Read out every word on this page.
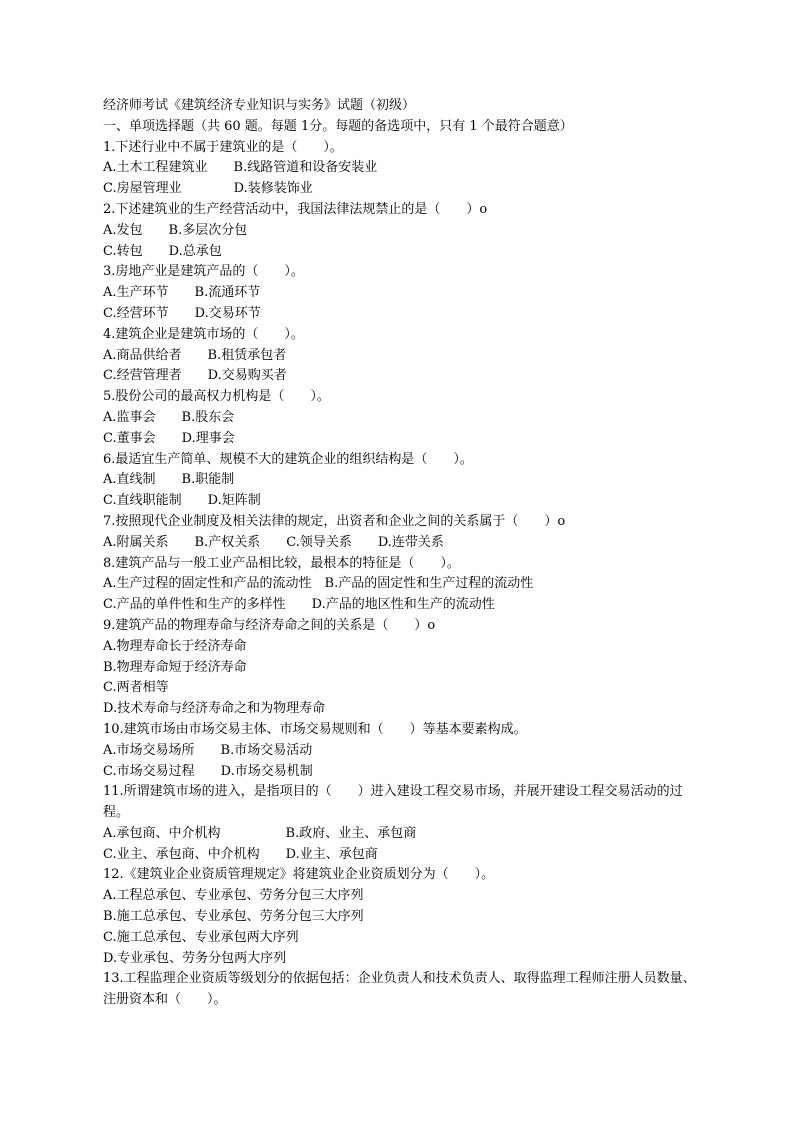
经济师考试《建筑经济专业知识与实务》试题（初级）
一、单项选择题（共 60 题。每题 1分。每题的备选项中，只有 1 个最符合题意）
1.下述行业中不属于建筑业的是（　　）。
A.土木工程建筑业　　B.线路管道和设备安装业
C.房屋管理业　　　　D.装修装饰业
2.下述建筑业的生产经营活动中，我国法律法规禁止的是（　　）o
A.发包　　B.多层次分包
C.转包　　D.总承包
3.房地产业是建筑产品的（　　）。
A.生产环节　　B.流通环节
C.经营环节　　D.交易环节
4.建筑企业是建筑市场的（　　）。
A.商品供给者　　B.租赁承包者
C.经营管理者　　D.交易购买者
5.股份公司的最高权力机构是（　　）。
A.监事会　　B.股东会
C.董事会　　D.理事会
6.最适宜生产简单、规模不大的建筑企业的组织结构是（　　）。
A.直线制　　B.职能制
C.直线职能制　　D.矩阵制
7.按照现代企业制度及相关法律的规定，出资者和企业之间的关系属于（　　）o
A.附属关系　　B.产权关系　　C.领导关系　　D.连带关系
8.建筑产品与一般工业产品相比较，最根本的特征是（　　）。
A.生产过程的固定性和产品的流动性　B.产品的固定性和生产过程的流动性
C.产品的单件性和生产的多样性　　D.产品的地区性和生产的流动性
9.建筑产品的物理寿命与经济寿命之间的关系是（　　）o
A.物理寿命长于经济寿命
B.物理寿命短于经济寿命
C.两者相等
D.技术寿命与经济寿命之和为物理寿命
10.建筑市场由市场交易主体、市场交易规则和（　　）等基本要素构成。
A.市场交易场所　　B.市场交易活动
C.市场交易过程　　D.市场交易机制
11.所谓建筑市场的进入，是指项目的（　　）进入建设工程交易市场，并展开建设工程交易活动的过程。
A.承包商、中介机构　　　　　B.政府、业主、承包商
C.业主、承包商、中介机构　　D.业主、承包商
12.《建筑业企业资质管理规定》将建筑业企业资质划分为（　　）。
A.工程总承包、专业承包、劳务分包三大序列
B.施工总承包、专业承包、劳务分包三大序列
C.施工总承包、专业承包两大序列
D.专业承包、劳务分包两大序列
13.工程监理企业资质等级划分的依据包括：企业负责人和技术负责人、取得监理工程师注册人员数量、注册资本和（　　）。
